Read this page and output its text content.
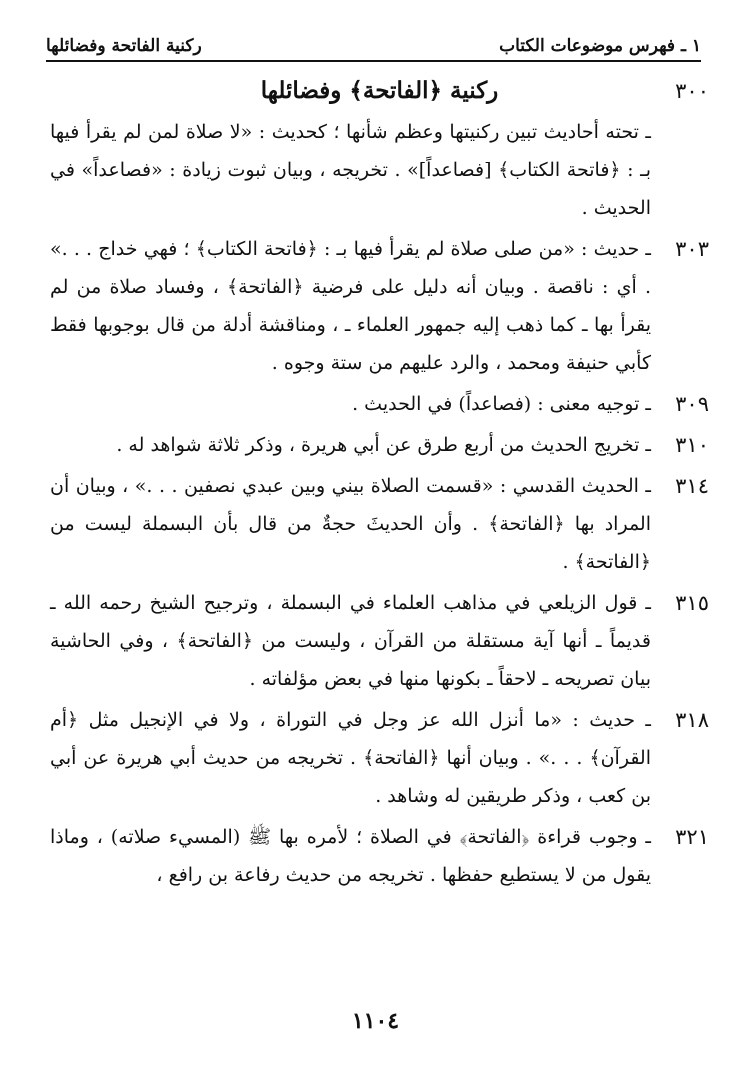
١ ـ فهرس موضوعات الكتاب
ركنية الفاتحة وفضائلها
٣٠٠
ركنية ﴿الفاتحة﴾ وفضائلها
ـ تحته أحاديث تبين ركنيتها وعظم شأنها ؛ كحديث : «لا صلاة لمن لم يقرأ فيها بـ : ﴿فاتحة الكتاب﴾ [فصاعداً]» . تخريجه ، وبيان ثبوت زيادة : «فصاعداً» في الحديث .
٣٠٣
ـ حديث : «من صلى صلاة لم يقرأ فيها بـ : ﴿فاتحة الكتاب﴾ ؛ فهي خداج . . .» . أي : ناقصة . وبيان أنه دليل على فرضية ﴿الفاتحة﴾ ، وفساد صلاة من لم يقرأ بها ـ كما ذهب إليه جمهور العلماء ـ ، ومناقشة أدلة من قال بوجوبها فقط كأبي حنيفة ومحمد ، والرد عليهم من ستة وجوه .
٣٠٩
ـ توجيه معنى : (فصاعداً) في الحديث .
٣١٠
ـ تخريج الحديث من أربع طرق عن أبي هريرة ، وذكر ثلاثة شواهد له .
٣١٤
ـ الحديث القدسي : «قسمت الصلاة بيني وبين عبدي نصفين . . .» ، وبيان أن المراد بها ﴿الفاتحة﴾ . وأن الحديثَ حجةٌ من قال بأن البسملة ليست من ﴿الفاتحة﴾ .
٣١٥
ـ قول الزيلعي في مذاهب العلماء في البسملة ، وترجيح الشيخ رحمه الله ـ قديماً ـ أنها آية مستقلة من القرآن ، وليست من ﴿الفاتحة﴾ ، وفي الحاشية بيان تصريحه ـ لاحقاً ـ بكونها منها في بعض مؤلفاته .
٣١٨
ـ حديث : «ما أنزل الله عز وجل في التوراة ، ولا في الإنجيل مثل ﴿أم القرآن﴾ . . .» . وبيان أنها ﴿الفاتحة﴾ . تخريجه من حديث أبي هريرة عن أبي بن كعب ، وذكر طريقين له وشاهد .
٣٢١
ـ وجوب قراءة ﴿الفاتحة﴾ في الصلاة ؛ لأمره بها ﷺ (المسيء صلاته) ، وماذا يقول من لا يستطيع حفظها . تخريجه من حديث رفاعة بن رافع ،
١١٠٤
